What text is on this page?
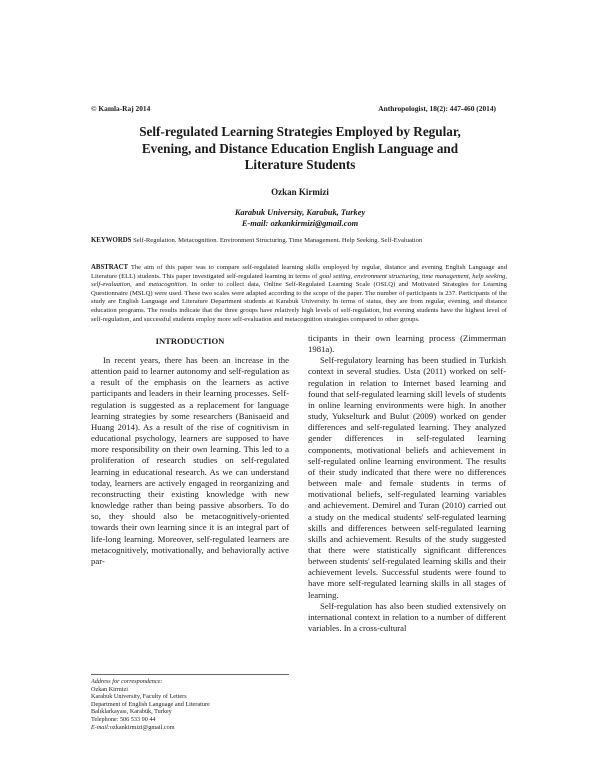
© Kamla-Raj 2014	Anthropologist, 18(2): 447-460 (2014)
Self-regulated Learning Strategies Employed by Regular,
Evening, and Distance Education English Language and
Literature Students
Ozkan Kirmizi
Karabuk University, Karabuk, Turkey
E-mail: ozkankirmizi@gmail.com
KEYWORDS Self-Regulation. Metacognition. Environment Structuring. Time Management. Help Seeking. Self-Evaluation
ABSTRACT The aim of this paper was to compare self-regulated learning skills employed by regular, distance and evening English Language and Literature (ELL) students. This paper investigated self-regulated learning in terms of goal setting, environment structuring, time management, help seeking, self-evaluation, and metacognition. In order to collect data, Online Self-Regulated Learning Scale (OSLQ) and Motivated Strategies for Learning Questionnaire (MSLQ) were used. These two scales were adapted according to the scope of the paper. The number of participants is 237. Participants of the study are English Language and Literature Department students at Karabuk University. In terms of status, they are from regular, evening, and distance education programs. The results indicate that the three groups have relatively high levels of self-regulation, but evening students have the highest level of self-regulation, and successful students employ more self-evaluation and metacognition strategies compared to other groups.
INTRODUCTION

In recent years, there has been an increase in the attention paid to learner autonomy and self-regulation as a result of the emphasis on the learners as active participants and leaders in their learning processes. Self-regulation is suggested as a replacement for language learning strategies by some researchers (Banisaeid and Huang 2014). As a result of the rise of cognitivism in educational psychology, learners are supposed to have more responsibility on their own learning. This led to a proliferation of research studies on self-regulated learning in educational research. As we can understand today, learners are actively engaged in reorganizing and reconstructing their existing knowledge with new knowledge rather than being passive absorbers. To do so, they should also be metacognitively-oriented towards their own learning since it is an integral part of life-long learning. Moreover, self-regulated learners are metacognitively, motivationally, and behaviorally active par-

ticipants in their own learning process (Zimmerman 1981a).

Self-regulatory learning has been studied in Turkish context in several studies. Usta (2011) worked on self-regulation in relation to Internet based learning and found that self-regulated learning skill levels of students in online learning environments were high. In another study, Yukselturk and Bulut (2009) worked on gender differences and self-regulated learning. They analyzed gender differences in self-regulated learning components, motivational beliefs and achievement in self-regulated online learning environment. The results of their study indicated that there were no differences between male and female students in terms of motivational beliefs, self-regulated learning variables and achievement. Demirel and Turan (2010) carried out a study on the medical students' self-regulated learning skills and differences between self-regulated learning skills and achievement. Results of the study suggested that there were statistically significant differences between students' self-regulated learning skills and their achievement levels. Successful students were found to have more self-regulated learning skills in all stages of learning.

Self-regulation has also been studied extensively on international context in relation to a number of different variables. In a cross-cultural

Address for correspondence:
Ozkan Kirmizi
Karabuk University, Faculty of Letters
Department of English Language and Literature
Balıklarkayası, Karabük, Turkey
Telephone: 506 533 90 44
E-mail:ozkankirmizi@gmail.com
